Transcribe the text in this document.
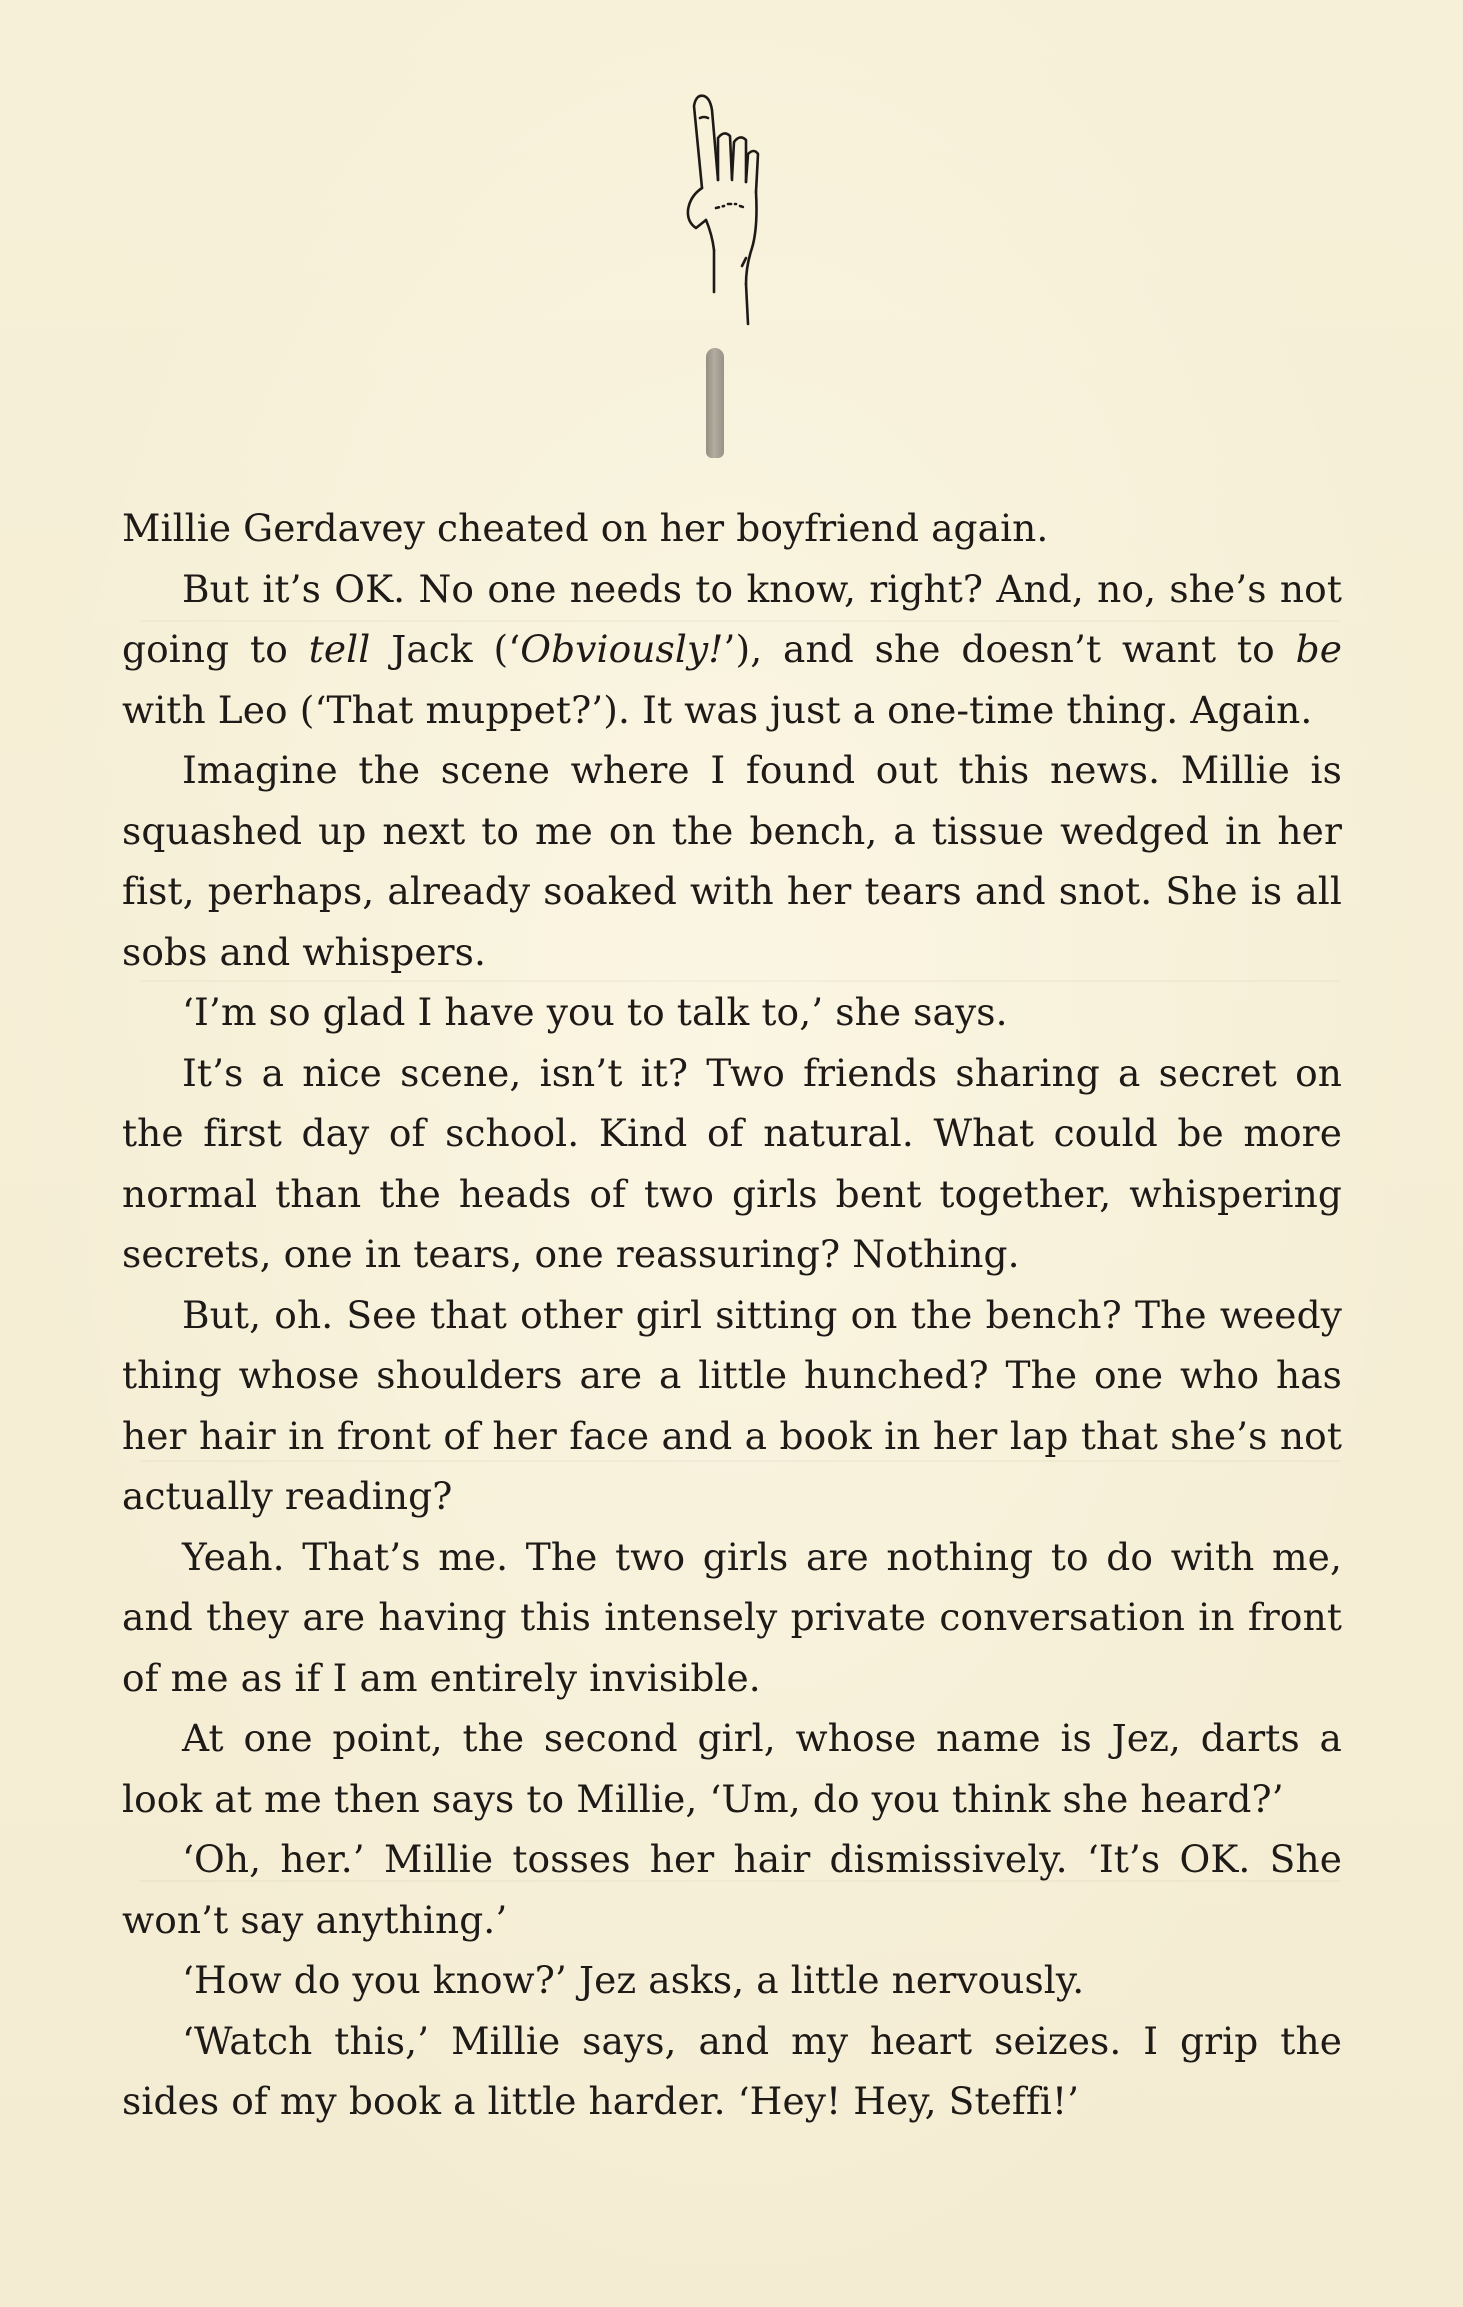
Millie Gerdavey cheated on her boyfriend again.

But it’s OK. No one needs to know, right? And, no, she’s not going to tell Jack (‘Obviously!’), and she doesn’t want to be with Leo (‘That muppet?’). It was just a one-time thing. Again.

Imagine the scene where I found out this news. Millie is squashed up next to me on the bench, a tissue wedged in her fist, perhaps, already soaked with her tears and snot. She is all sobs and whispers.

‘I’m so glad I have you to talk to,’ she says.

It’s a nice scene, isn’t it? Two friends sharing a secret on the first day of school. Kind of natural. What could be more normal than the heads of two girls bent together, whispering secrets, one in tears, one reassuring? Nothing.

But, oh. See that other girl sitting on the bench? The weedy thing whose shoulders are a little hunched? The one who has her hair in front of her face and a book in her lap that she’s not actually reading?

Yeah. That’s me. The two girls are nothing to do with me, and they are having this intensely private conversation in front of me as if I am entirely invisible.

At one point, the second girl, whose name is Jez, darts a look at me then says to Millie, ‘Um, do you think she heard?’

‘Oh, her.’ Millie tosses her hair dismissively. ‘It’s OK. She won’t say anything.’

‘How do you know?’ Jez asks, a little nervously.

‘Watch this,’ Millie says, and my heart seizes. I grip the sides of my book a little harder. ‘Hey! Hey, Steffi!’
